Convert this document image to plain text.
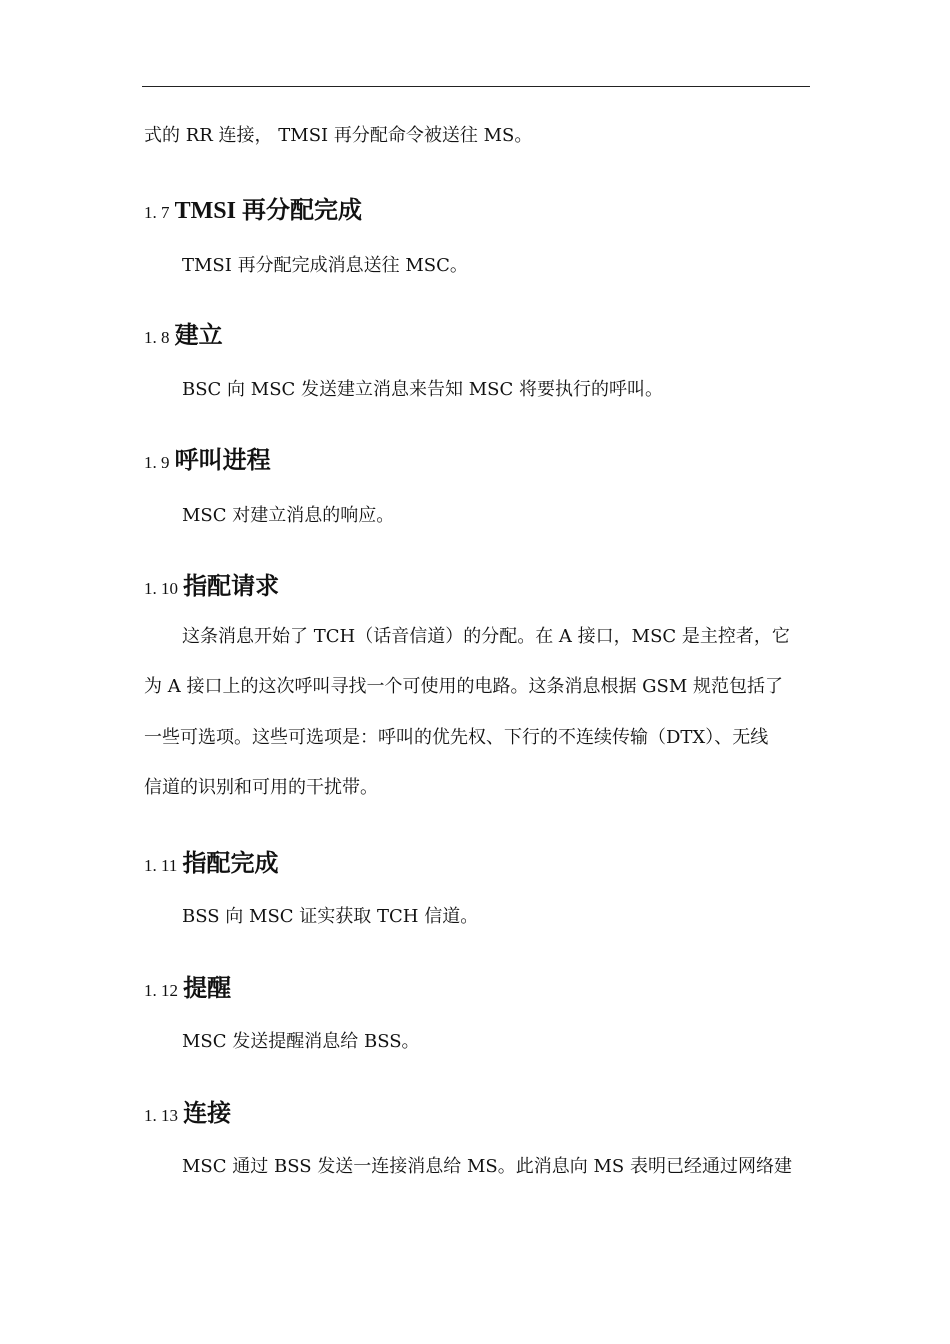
式的 RR 连接， TMSI 再分配命令被送往 MS。
1. 7 TMSI 再分配完成
TMSI 再分配完成消息送往 MSC。
1. 8 建立
BSC 向 MSC 发送建立消息来告知 MSC 将要执行的呼叫。
1. 9 呼叫进程
MSC 对建立消息的响应。
1. 10 指配请求
这条消息开始了 TCH（话音信道）的分配。在 A 接口，MSC 是主控者，它
为 A 接口上的这次呼叫寻找一个可使用的电路。这条消息根据 GSM 规范包括了
一些可选项。这些可选项是：呼叫的优先权、下行的不连续传输（DTX）、无线
信道的识别和可用的干扰带。
1. 11 指配完成
BSS 向 MSC 证实获取 TCH 信道。
1. 12 提醒
MSC 发送提醒消息给 BSS。
1. 13 连接
MSC 通过 BSS 发送一连接消息给 MS。此消息向 MS 表明已经通过网络建
